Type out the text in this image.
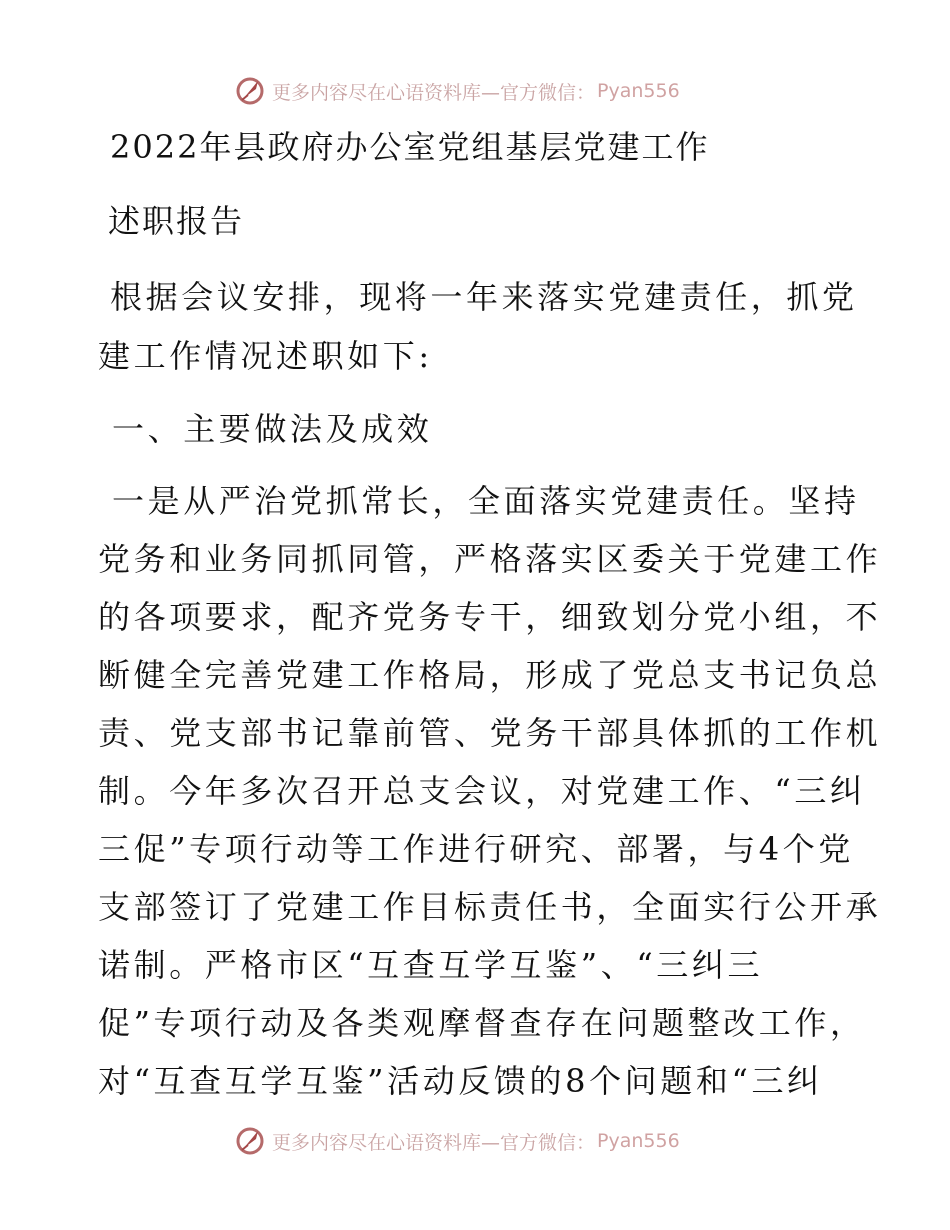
更多内容尽在心语资料库—官方微信： Pyan556
2022年县政府办公室党组基层党建工作
述职报告
根据会议安排，现将一年来落实党建责任，抓党
建工作情况述职如下:
一、主要做法及成效
一是从严治党抓常长，全面落实党建责任。坚持
党务和业务同抓同管，严格落实区委关于党建工作
的各项要求，配齐党务专干，细致划分党小组，不
断健全完善党建工作格局，形成了党总支书记负总
责、党支部书记靠前管、党务干部具体抓的工作机
制。今年多次召开总支会议，对党建工作、“三纠
三促”专项行动等工作进行研究、部署，与4个党
支部签订了党建工作目标责任书，全面实行公开承
诺制。严格市区“互查互学互鉴”、“三纠三
促”专项行动及各类观摩督查存在问题整改工作，
对“互查互学互鉴”活动反馈的8个问题和“三纠
更多内容尽在心语资料库—官方微信： Pyan556
